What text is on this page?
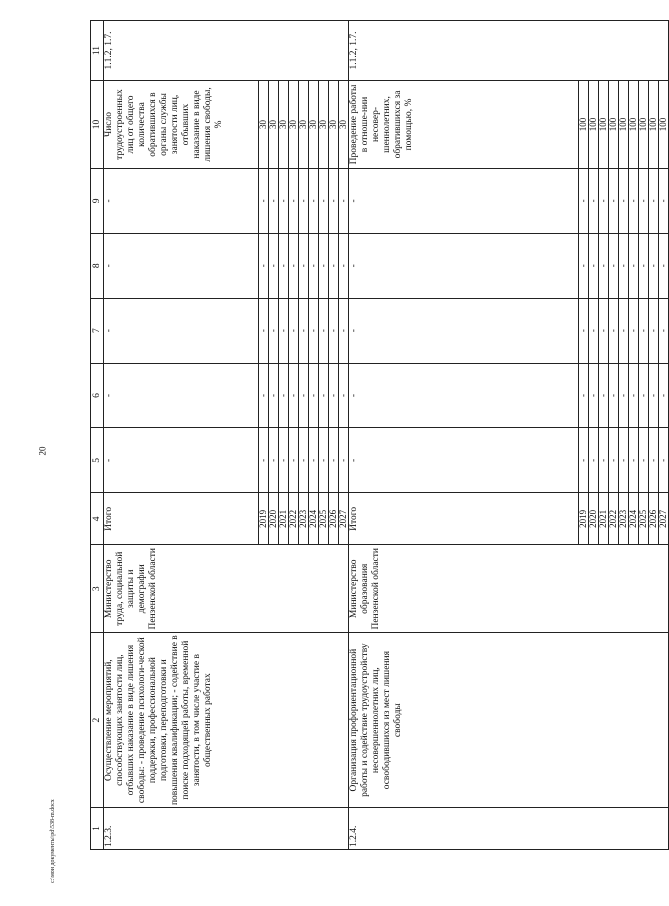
20
c:\мои документы\pd\538-m.docx	1	2	3	4	5	6	7	8	9	10	11
1.2.3.	Осуществление мероприятий, способствующих занятости лиц, отбывших наказание в виде лишения свободы: - проведение психологи-ческой поддержки, профессиональной подготовки, переподготовки и повышения квалификации; - содействие в поиске подходящей работы, временной занятости, в том числе участие в общественных работах	Министерство труда, социальной защиты и демографии Пензенской области	Итого	-	-	-	-	-	Число трудоустроенных лиц от общего количества обратившихся в органы службы занятости лиц, отбывших наказание в виде лишения свободы, %	1.1.2, 1.7.
			2019	-	-	-	-	-	30	
			2020	-	-	-	-	-	30	
			2021	-	-	-	-	-	30	
			2022	-	-	-	-	-	30	
			2023	-	-	-	-	-	30	
			2024	-	-	-	-	-	30	
			2025	-	-	-	-	-	30	
			2026	-	-	-	-	-	30	
			2027	-	-	-	-	-	30	
1.2.4.	Организация профориентационной работы и содействие трудоустройству несовершеннолетних лиц, освободившихся из мест лишения свободы	Министерство образования Пензенской области	Итого	-	-	-	-	-	Проведение работы в отноше-нии несовер-шеннолетних, обратившихся за помощью, %	1.1.2, 1.7.
			2019	-	-	-	-	-	100	
			2020	-	-	-	-	-	100	
			2021	-	-	-	-	-	100	
			2022	-	-	-	-	-	100	
			2023	-	-	-	-	-	100	
			2024	-	-	-	-	-	100	
			2025	-	-	-	-	-	100	
			2026	-	-	-	-	-	100	
			2027	-	-	-	-	-	100	
